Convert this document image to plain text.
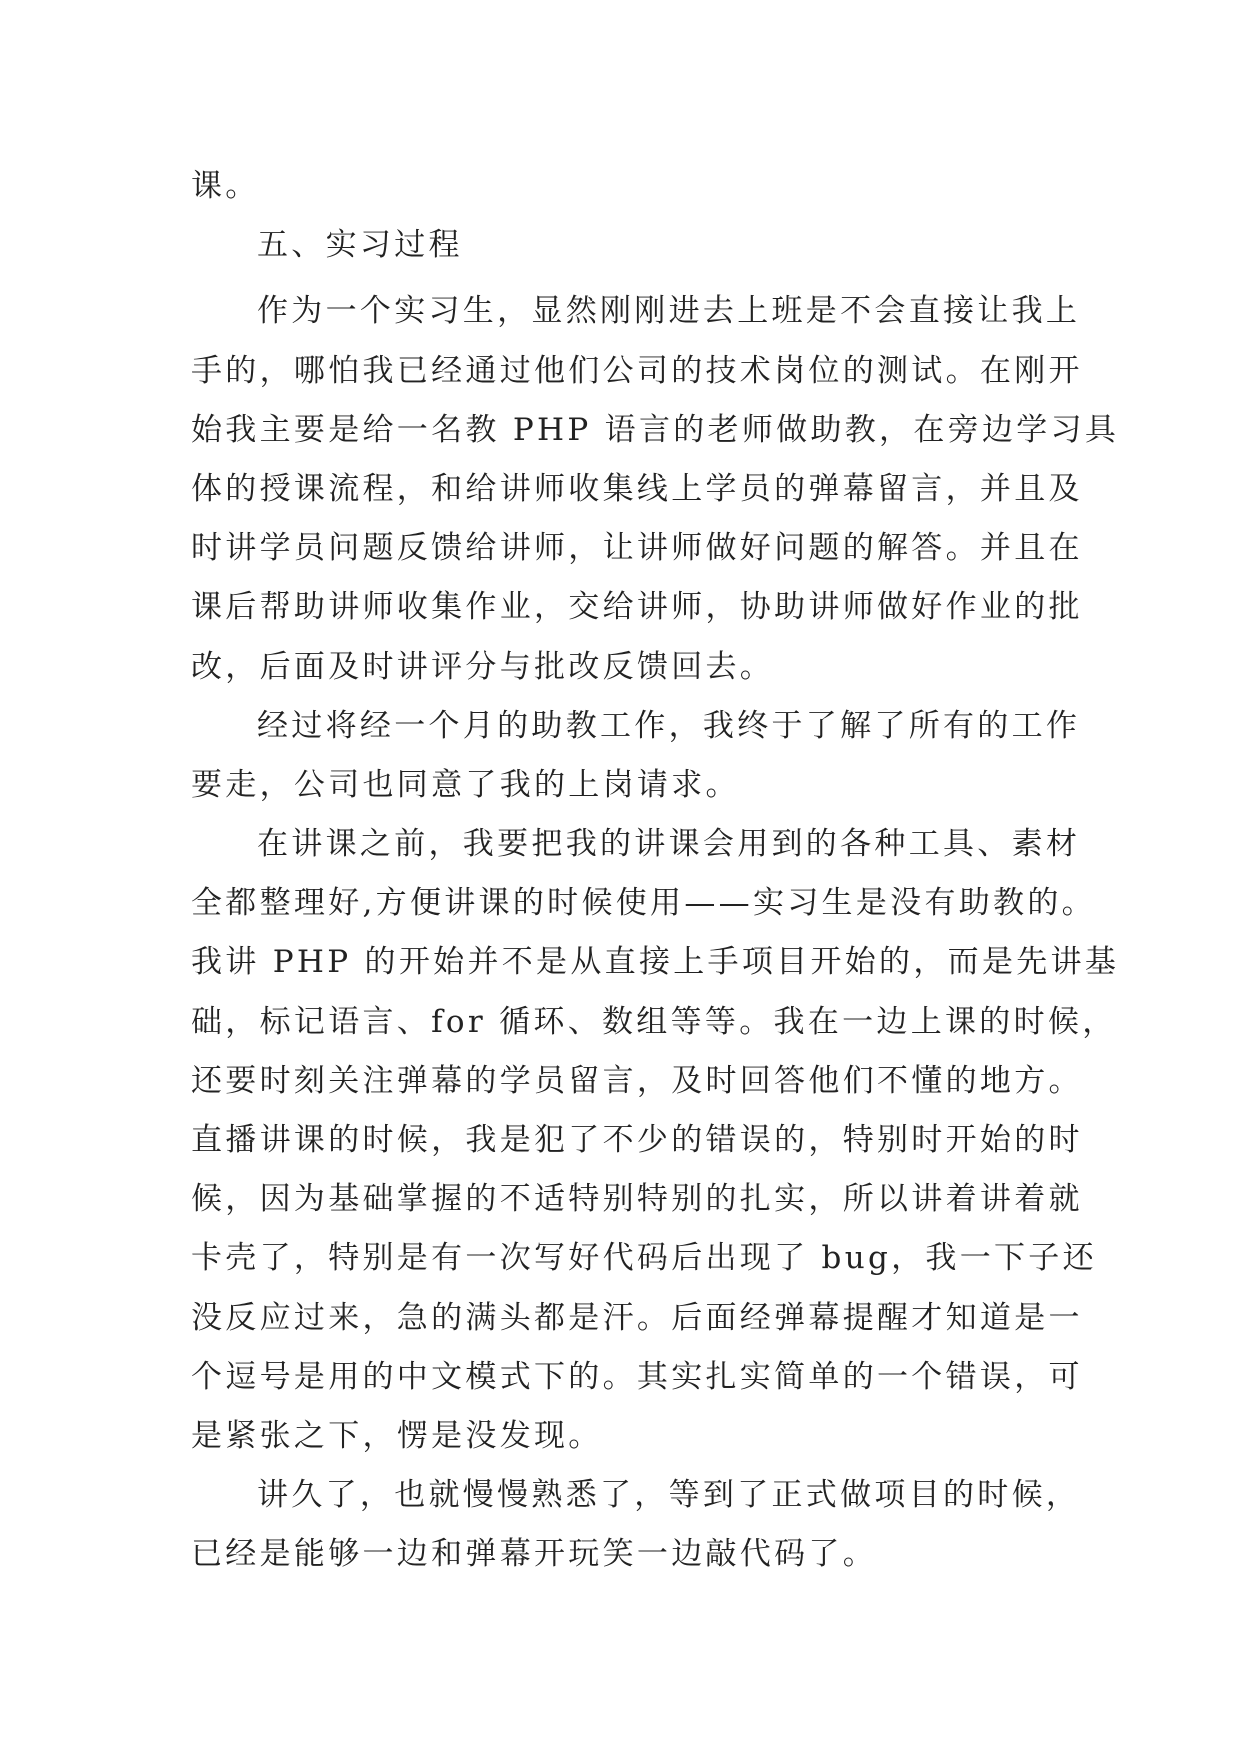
课。
五、实习过程
作为一个实习生，显然刚刚进去上班是不会直接让我上
手的，哪怕我已经通过他们公司的技术岗位的测试。在刚开
始我主要是给一名教 PHP 语言的老师做助教，在旁边学习具
体的授课流程，和给讲师收集线上学员的弹幕留言，并且及
时讲学员问题反馈给讲师，让讲师做好问题的解答。并且在
课后帮助讲师收集作业，交给讲师，协助讲师做好作业的批
改，后面及时讲评分与批改反馈回去。
经过将经一个月的助教工作，我终于了解了所有的工作
要走，公司也同意了我的上岗请求。
在讲课之前，我要把我的讲课会用到的各种工具、素材
全都整理好,方便讲课的时候使用——实习生是没有助教的。
我讲 PHP 的开始并不是从直接上手项目开始的，而是先讲基
础，标记语言、for 循环、数组等等。我在一边上课的时候，
还要时刻关注弹幕的学员留言，及时回答他们不懂的地方。
直播讲课的时候，我是犯了不少的错误的，特别时开始的时
候，因为基础掌握的不适特别特别的扎实，所以讲着讲着就
卡壳了，特别是有一次写好代码后出现了 bug，我一下子还
没反应过来，急的满头都是汗。后面经弹幕提醒才知道是一
个逗号是用的中文模式下的。其实扎实简单的一个错误，可
是紧张之下，愣是没发现。
讲久了，也就慢慢熟悉了，等到了正式做项目的时候，
已经是能够一边和弹幕开玩笑一边敲代码了。
